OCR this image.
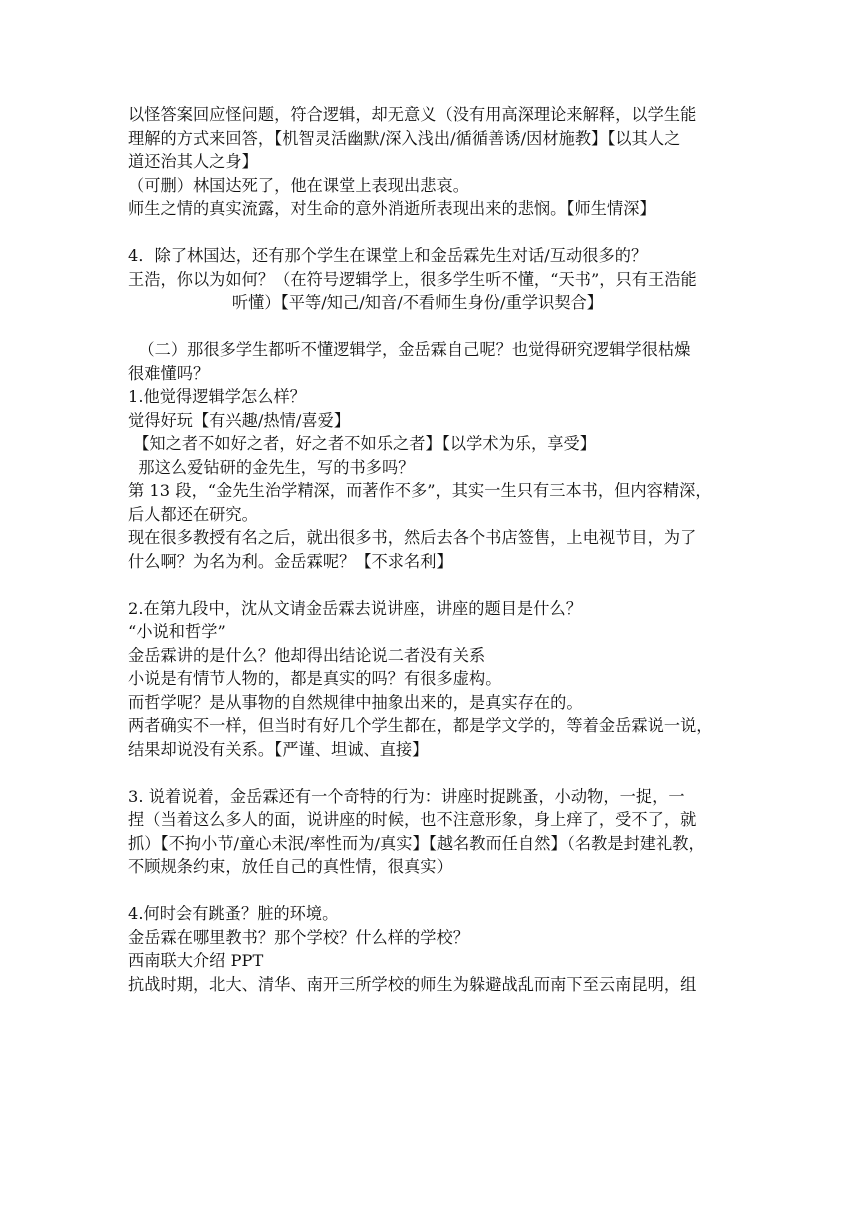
以怪答案回应怪问题，符合逻辑，却无意义（没有用高深理论来解释，以学生能
理解的方式来回答，【机智灵活幽默/深入浅出/循循善诱/因材施教】【以其人之
道还治其人之身】
（可删）林国达死了，他在课堂上表现出悲哀。
师生之情的真实流露，对生命的意外消逝所表现出来的悲悯。【师生情深】
4．除了林国达，还有那个学生在课堂上和金岳霖先生对话/互动很多的？
王浩，你以为如何？（在符号逻辑学上，很多学生听不懂，“天书”，只有王浩能
听懂）【平等/知己/知音/不看师生身份/重学识契合】
（二）那很多学生都听不懂逻辑学，金岳霖自己呢？也觉得研究逻辑学很枯燥
很难懂吗？
1.他觉得逻辑学怎么样？
觉得好玩【有兴趣/热情/喜爱】
【知之者不如好之者，好之者不如乐之者】【以学术为乐，享受】
那这么爱钻研的金先生，写的书多吗？
第 13 段，“金先生治学精深，而著作不多”，其实一生只有三本书，但内容精深，
后人都还在研究。
现在很多教授有名之后，就出很多书，然后去各个书店签售，上电视节目，为了
什么啊？为名为利。金岳霖呢？【不求名利】
2.在第九段中，沈从文请金岳霖去说讲座，讲座的题目是什么？
“小说和哲学”
金岳霖讲的是什么？他却得出结论说二者没有关系
小说是有情节人物的，都是真实的吗？有很多虚构。
而哲学呢？是从事物的自然规律中抽象出来的，是真实存在的。
两者确实不一样，但当时有好几个学生都在，都是学文学的，等着金岳霖说一说，
结果却说没有关系。【严谨、坦诚、直接】
3. 说着说着，金岳霖还有一个奇特的行为：讲座时捉跳蚤，小动物，一捉，一
捏（当着这么多人的面，说讲座的时候，也不注意形象，身上痒了，受不了，就
抓）【不拘小节/童心未泯/率性而为/真实】【越名教而任自然】（名教是封建礼教，
不顾规条约束，放任自己的真性情，很真实）
4.何时会有跳蚤？脏的环境。
金岳霖在哪里教书？那个学校？什么样的学校？
西南联大介绍 PPT
抗战时期，北大、清华、南开三所学校的师生为躲避战乱而南下至云南昆明，组
